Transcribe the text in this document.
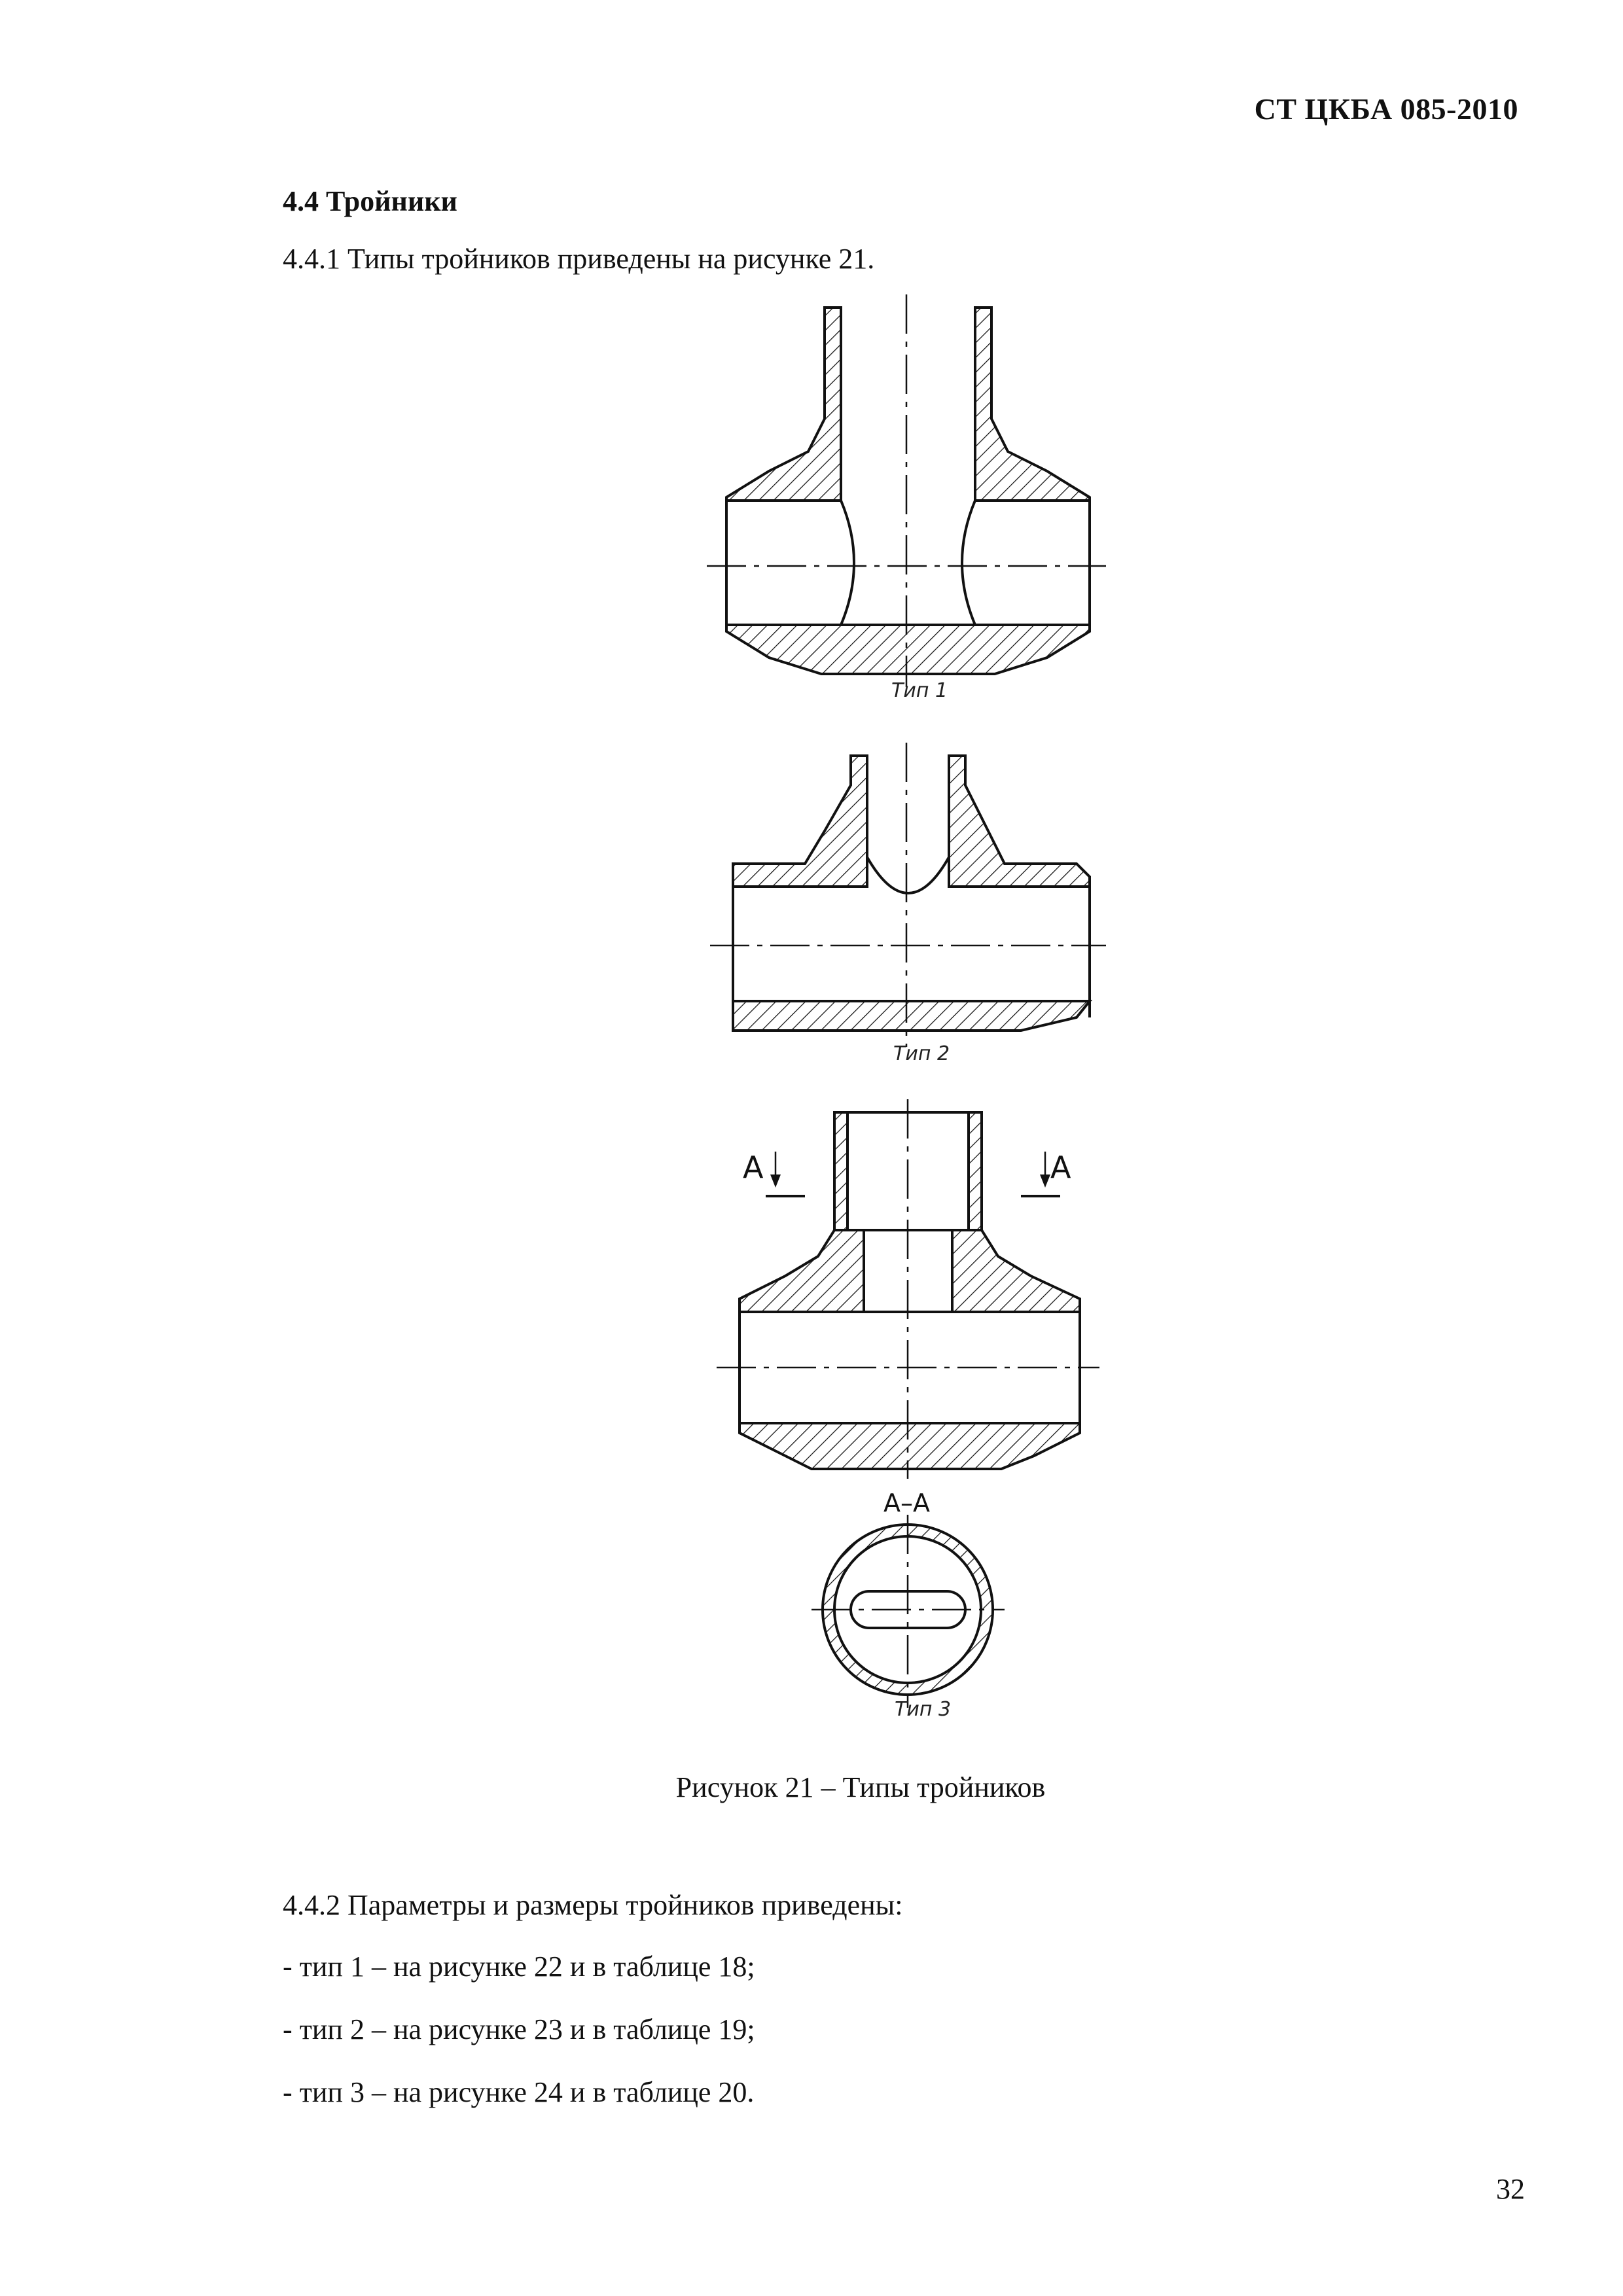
СТ ЦКБА 085-2010
4.4 Тройники
4.4.1 Типы тройников приведены на рисунке 21.
Тип 1
Тип 2
А	А
А–А
Тип 3
Рисунок 21 – Типы тройников
4.4.2 Параметры и размеры тройников приведены:
- тип 1 – на рисунке 22 и в таблице 18;
- тип 2 – на рисунке 23 и в таблице 19;
- тип 3 – на рисунке 24 и в таблице 20.
32
